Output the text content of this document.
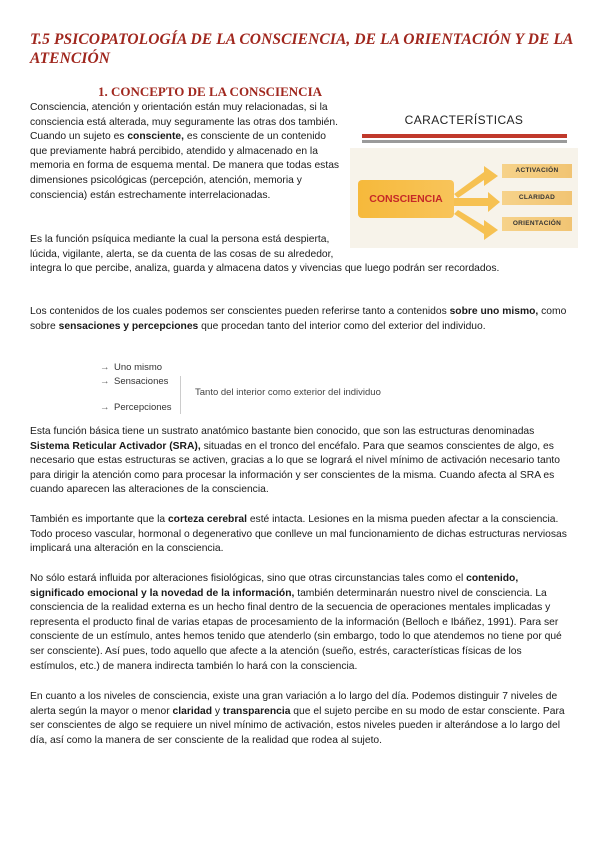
T.5 PSICOPATOLOGÍA DE LA CONSCIENCIA, DE LA ORIENTACIÓN Y DE LA ATENCIÓN
1. CONCEPTO DE LA CONSCIENCIA

Consciencia, atención y orientación están muy relacionadas, si la consciencia está alterada, muy seguramente las otras dos también.
Cuando un sujeto es consciente, es consciente de un contenido que previamente habrá percibido, atendido y almacenado en la memoria en forma de esquema mental. De manera que todas estas dimensiones psicológicas (percepción, atención, memoria y consciencia) están estrechamente interrelacionadas.

CARACTERÍSTICAS
CONSCIENCIA
ACTIVACIÓN
CLARIDAD
ORIENTACIÓN

Es la función psíquica mediante la cual la persona está despierta, lúcida, vigilante, alerta, se da cuenta de las cosas de su alrededor, integra lo que percibe, analiza, guarda y almacena datos y vivencias que luego podrán ser recordados.

Los contenidos de los cuales podemos ser conscientes pueden referirse tanto a contenidos sobre uno mismo, como sobre sensaciones y percepciones que procedan tanto del interior como del exterior del individuo.

→ Uno mismo
→ Sensaciones
→ Percepciones
Tanto del interior como exterior del individuo

Esta función básica tiene un sustrato anatómico bastante bien conocido, que son las estructuras denominadas Sistema Reticular Activador (SRA), situadas en el tronco del encéfalo. Para que seamos conscientes de algo, es necesario que estas estructuras se activen, gracias a lo que se logrará el nivel mínimo de activación necesario tanto para dirigir la atención como para procesar la información y ser conscientes de la misma. Cuando afecta al SRA es cuando aparecen las alteraciones de la consciencia.

También es importante que la corteza cerebral esté intacta. Lesiones en la misma pueden afectar a la consciencia. Todo proceso vascular, hormonal o degenerativo que conlleve un mal funcionamiento de dichas estructuras nerviosas implicará una alteración en la consciencia.

No sólo estará influida por alteraciones fisiológicas, sino que otras circunstancias tales como el contenido, significado emocional y la novedad de la información, también determinarán nuestro nivel de consciencia. La consciencia de la realidad externa es un hecho final dentro de la secuencia de operaciones mentales implicadas y representa el producto final de varias etapas de procesamiento de la información (Belloch e Ibáñez, 1991). Para ser consciente de un estímulo, antes hemos tenido que atenderlo (sin embargo, todo lo que atendemos no tiene por qué ser consciente). Así pues, todo aquello que afecte a la atención (sueño, estrés, características físicas de los estímulos, etc.) de manera indirecta también lo hará con la consciencia.

En cuanto a los niveles de consciencia, existe una gran variación a lo largo del día. Podemos distinguir 7 niveles de alerta según la mayor o menor claridad y transparencia que el sujeto percibe en su modo de estar consciente. Para ser conscientes de algo se requiere un nivel mínimo de activación, estos niveles pueden ir alterándose a lo largo del día, así como la manera de ser consciente de la realidad que rodea al sujeto.
